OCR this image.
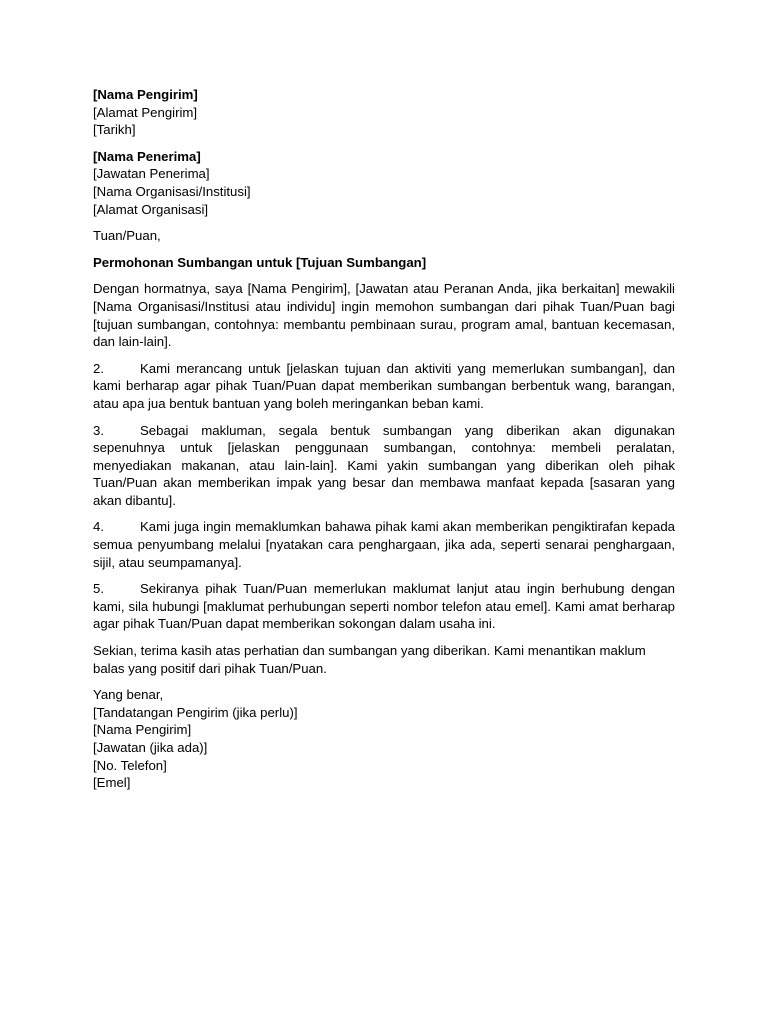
[Nama Pengirim]
[Alamat Pengirim]
[Tarikh]
[Nama Penerima]
[Jawatan Penerima]
[Nama Organisasi/Institusi]
[Alamat Organisasi]
Tuan/Puan,
Permohonan Sumbangan untuk [Tujuan Sumbangan]
Dengan hormatnya, saya [Nama Pengirim], [Jawatan atau Peranan Anda, jika berkaitan] mewakili [Nama Organisasi/Institusi atau individu] ingin memohon sumbangan dari pihak Tuan/Puan bagi [tujuan sumbangan, contohnya: membantu pembinaan surau, program amal, bantuan kecemasan, dan lain-lain].
2.	Kami merancang untuk [jelaskan tujuan dan aktiviti yang memerlukan sumbangan], dan kami berharap agar pihak Tuan/Puan dapat memberikan sumbangan berbentuk wang, barangan, atau apa jua bentuk bantuan yang boleh meringankan beban kami.
3.	Sebagai makluman, segala bentuk sumbangan yang diberikan akan digunakan sepenuhnya untuk [jelaskan penggunaan sumbangan, contohnya: membeli peralatan, menyediakan makanan, atau lain-lain]. Kami yakin sumbangan yang diberikan oleh pihak Tuan/Puan akan memberikan impak yang besar dan membawa manfaat kepada [sasaran yang akan dibantu].
4.	Kami juga ingin memaklumkan bahawa pihak kami akan memberikan pengiktirafan kepada semua penyumbang melalui [nyatakan cara penghargaan, jika ada, seperti senarai penghargaan, sijil, atau seumpamanya].
5.	Sekiranya pihak Tuan/Puan memerlukan maklumat lanjut atau ingin berhubung dengan kami, sila hubungi [maklumat perhubungan seperti nombor telefon atau emel]. Kami amat berharap agar pihak Tuan/Puan dapat memberikan sokongan dalam usaha ini.
Sekian, terima kasih atas perhatian dan sumbangan yang diberikan. Kami menantikan maklum balas yang positif dari pihak Tuan/Puan.
Yang benar,
[Tandatangan Pengirim (jika perlu)]
[Nama Pengirim]
[Jawatan (jika ada)]
[No. Telefon]
[Emel]
